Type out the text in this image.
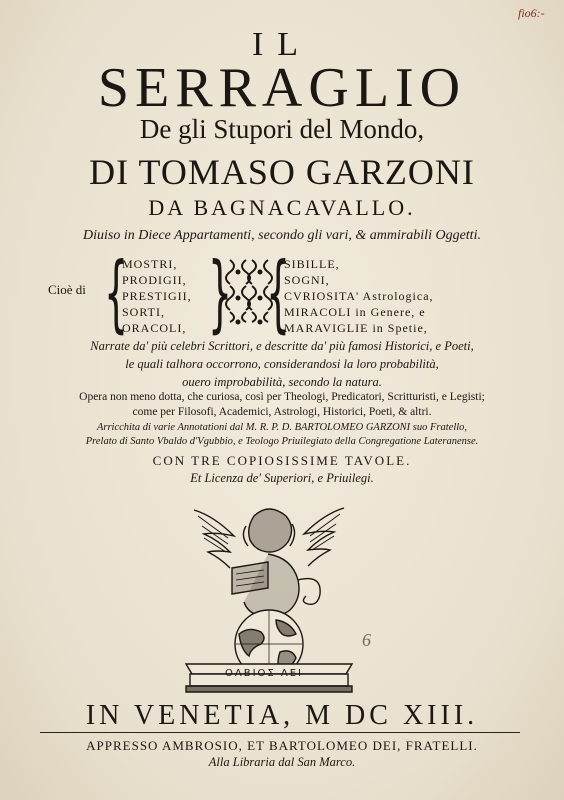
fio6:-
IL
SERRAGLIO
De gli Stupori del Mondo,
DI TOMASO GARZONI
DA BAGNACAVALLO.
Diuiso in Diece Appartamenti, secondo gli vari, & ammirabili Oggetti.
Cioè di {
MOSTRI,
PRODIGII,
PRESTIGII,
SORTI,
ORACOLI, } {
SIBILLE,
SOGNI,
CVRIOSITA' Astrologica,
MIRACOLI in Genere, e
MARAVIGLIE in Spetie,
Narrate da' più celebri Scrittori, e descritte da' più famosi Historici, e Poeti,
le quali talhora occorrono, considerandosi la loro probabilità,
ouero improbabilità, secondo la natura.
Opera non meno dotta, che curiosa, così per Theologi, Predicatori, Scritturisti, e Legisti;
come per Filosofi, Academici, Astrologi, Historici, Poeti, & altri.
Arricchita di varie Annotationi dal M. R. P. D. BARTOLOMEO GARZONI suo Fratello,
Prelato di Santo Vbaldo d'Vgubbio, e Teologo Priuilegiato della Congregatione Lateranense.
CON TRE COPIOSISSIME TAVOLE.
Et Licenza de' Superiori, e Priuilegi.
ΟΛΒΙΟΣ ΑΕΙ
6
IN VENETIA, M DC XIII.
APPRESSO AMBROSIO, ET BARTOLOMEO DEI, FRATELLI.
Alla Libraria dal San Marco.
